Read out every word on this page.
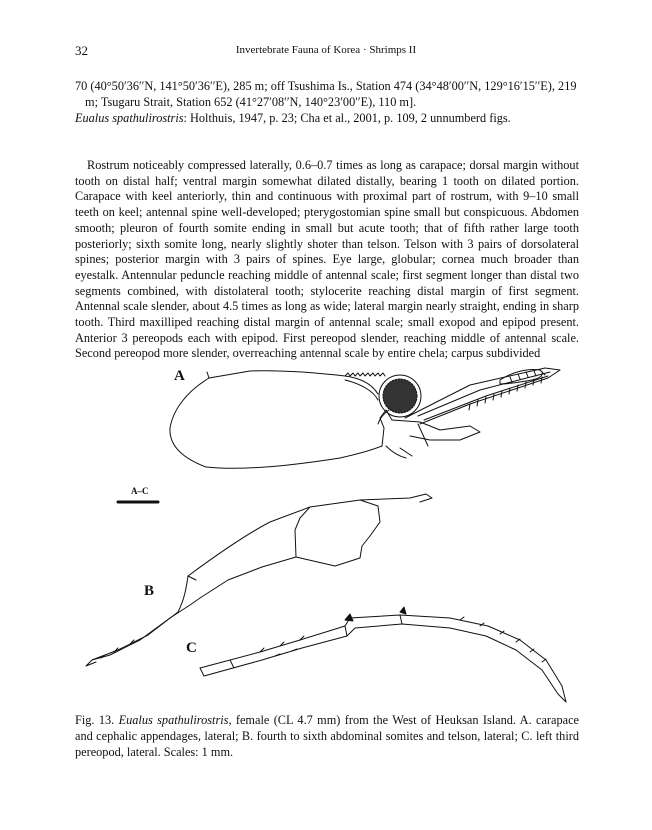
32	Invertebrate Fauna of Korea · Shrimps II

70 (40°50′36′′N, 141°50′36′′E), 285 m; off Tsushima Is., Station 474 (34°48′00′′N, 129°16′15′′E), 219 m; Tsugaru Strait, Station 652 (41°27′08′′N, 140°23′00′′E), 110 m].

Eualus spathulirostris: Holthuis, 1947, p. 23; Cha et al., 2001, p. 109, 2 unnumberd figs.

Rostrum noticeably compressed laterally, 0.6–0.7 times as long as carapace; dorsal margin without tooth on distal half; ventral margin somewhat dilated distally, bearing 1 tooth on dilated portion. Carapace with keel anteriorly, thin and continuous with proximal part of rostrum, with 9–10 small teeth on keel; antennal spine well-developed; pterygostomian spine small but conspicuous. Abdomen smooth; pleuron of fourth somite ending in small but acute tooth; that of fifth rather large tooth posteriorly; sixth somite long, nearly slightly shoter than telson. Telson with 3 pairs of dorsolateral spines; posterior margin with 3 pairs of spines. Eye large, globular; cornea much broader than eyestalk. Antennular peduncle reaching middle of antennal scale; first segment longer than distal two segments combined, with distolateral tooth; stylocerite reaching distal margin of first segment. Antennal scale slender, about 4.5 times as long as wide; lateral margin nearly straight, ending in sharp tooth. Third maxilliped reaching distal margin of antennal scale; small exopod and epipod present. Anterior 3 pereopods each with epipod. First pereopod slender, reaching middle of antennal scale. Second pereopod more slender, overreaching antennal scale by entire chela; carpus subdivided

A
A–C
B
C

Fig. 13. Eualus spathulirostris, female (CL 4.7 mm) from the West of Heuksan Island. A. carapace and cephalic appendages, lateral; B. fourth to sixth abdominal somites and telson, lateral; C. left third pereopod, lateral. Scales: 1 mm.
